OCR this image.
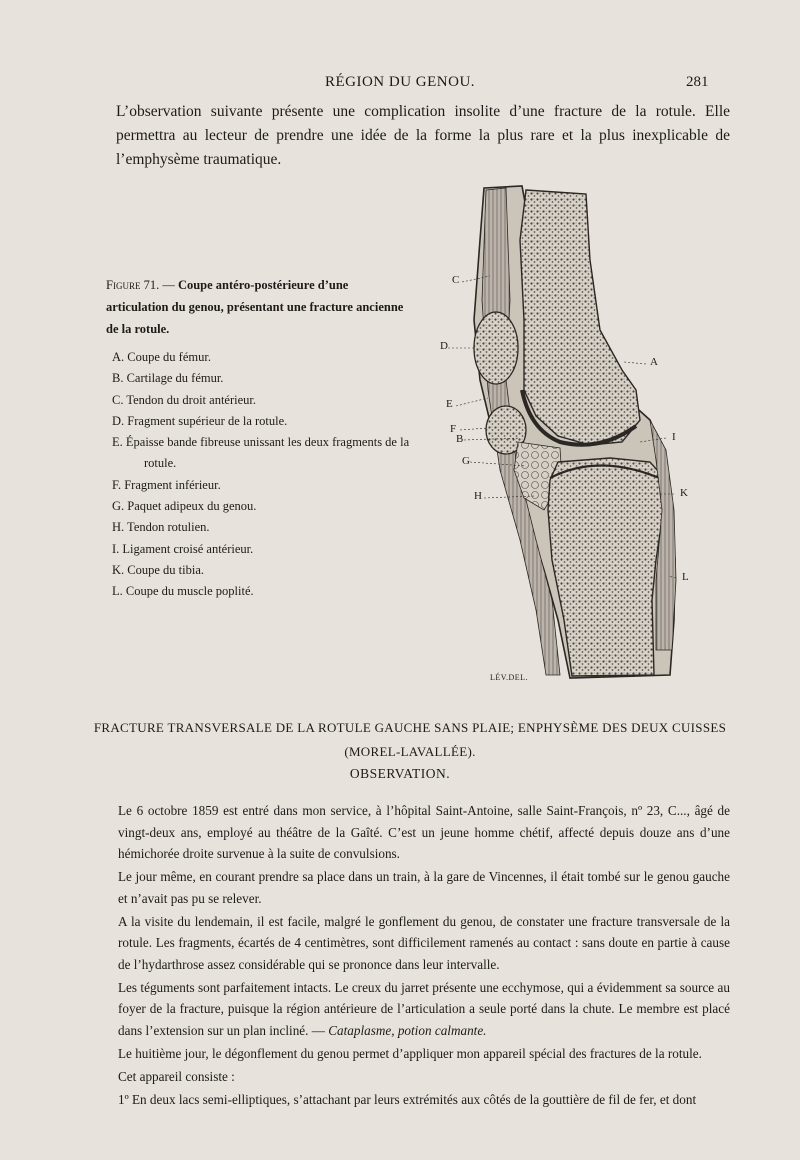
RÉGION DU GENOU.	281
L’observation suivante présente une complication insolite d’une fracture de la rotule. Elle permettra au lecteur de prendre une idée de la forme la plus rare et la plus inexplicable de l’emphysème traumatique.
Figure 71. — Coupe antéro-postérieure d’une articulation du genou, présentant une fracture ancienne de la rotule.
A. Coupe du fémur.
B. Cartilage du fémur.
C. Tendon du droit antérieur.
D. Fragment supérieur de la rotule.
E. Épaisse bande fibreuse unissant les deux fragments de la rotule.
F. Fragment inférieur.
G. Paquet adipeux du genou.
H. Tendon rotulien.
I. Ligament croisé antérieur.
K. Coupe du tibia.
L. Coupe du muscle poplité.
C
D
A
E
F
B	I
G
H	K
L
LÉV.DEL.
FRACTURE TRANSVERSALE DE LA ROTULE GAUCHE SANS PLAIE; ENPHYSÈME DES DEUX CUISSES (MOREL-LAVALLÉE).
OBSERVATION.

Le 6 octobre 1859 est entré dans mon service, à l’hôpital Saint-Antoine, salle Saint-François, nº 23, C..., âgé de vingt-deux ans, employé au théâtre de la Gaîté. C’est un jeune homme chétif, affecté depuis douze ans d’une hémichorée droite survenue à la suite de convulsions.

Le jour même, en courant prendre sa place dans un train, à la gare de Vincennes, il était tombé sur le genou gauche et n’avait pas pu se relever.

A la visite du lendemain, il est facile, malgré le gonflement du genou, de constater une fracture transversale de la rotule. Les fragments, écartés de 4 centimètres, sont difficilement ramenés au contact : sans doute en partie à cause de l’hydarthrose assez considérable qui se prononce dans leur intervalle.

Les téguments sont parfaitement intacts. Le creux du jarret présente une ecchymose, qui a évidemment sa source au foyer de la fracture, puisque la région antérieure de l’articulation a seule porté dans la chute. Le membre est placé dans l’extension sur un plan incliné. — Cataplasme, potion calmante.

Le huitième jour, le dégonflement du genou permet d’appliquer mon appareil spécial des fractures de la rotule.

Cet appareil consiste :

1º En deux lacs semi-elliptiques, s’attachant par leurs extrémités aux côtés de la gouttière de fil de fer, et dont
